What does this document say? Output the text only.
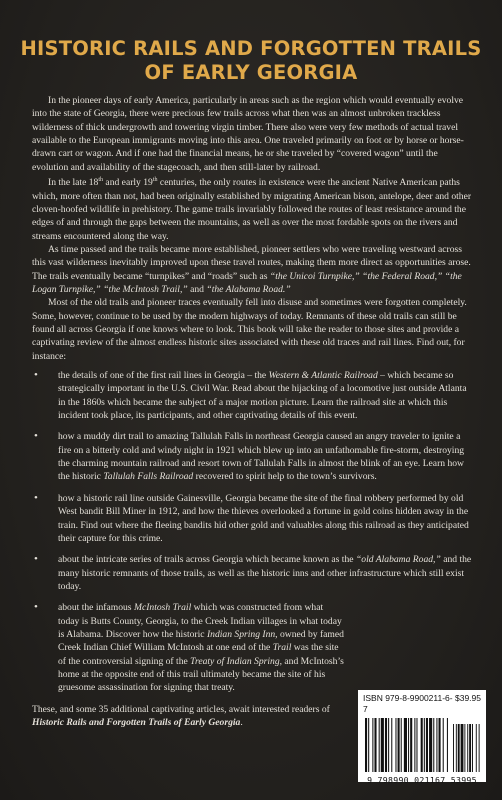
HISTORIC RAILS AND FORGOTTEN TRAILS
OF EARLY GEORGIA

In the pioneer days of early America, particularly in areas such as the region which would eventually evolve into the state of Georgia, there were precious few trails across what then was an almost unbroken trackless wilderness of thick undergrowth and towering virgin timber. There also were very few methods of actual travel available to the European immigrants moving into this area. One traveled primarily on foot or by horse or horse-drawn cart or wagon. And if one had the financial means, he or she traveled by “covered wagon” until the evolution and availability of the stagecoach, and then still-later by railroad.

In the late 18th and early 19th centuries, the only routes in existence were the ancient Native American paths which, more often than not, had been originally established by migrating American bison, antelope, deer and other cloven-hoofed wildlife in prehistory. The game trails invariably followed the routes of least resistance around the edges of and through the gaps between the mountains, as well as over the most fordable spots on the rivers and streams encountered along the way.

As time passed and the trails became more established, pioneer settlers who were traveling westward across this vast wilderness inevitably improved upon these travel routes, making them more direct as opportunities arose. The trails eventually became “turnpikes” and “roads” such as “the Unicoi Turnpike,” “the Federal Road,” “the Logan Turnpike,” “the McIntosh Trail,” and “the Alabama Road.”

Most of the old trails and pioneer traces eventually fell into disuse and sometimes were forgotten completely. Some, however, continue to be used by the modern highways of today. Remnants of these old trails can still be found all across Georgia if one knows where to look. This book will take the reader to those sites and provide a captivating review of the almost endless historic sites associated with these old traces and rail lines. Find out, for instance:

• the details of one of the first rail lines in Georgia – the Western & Atlantic Railroad – which became so strategically important in the U.S. Civil War. Read about the hijacking of a locomotive just outside Atlanta in the 1860s which became the subject of a major motion picture. Learn the railroad site at which this incident took place, its participants, and other captivating details of this event.
• how a muddy dirt trail to amazing Tallulah Falls in northeast Georgia caused an angry traveler to ignite a fire on a bitterly cold and windy night in 1921 which blew up into an unfathomable fire-storm, destroying the charming mountain railroad and resort town of Tallulah Falls in almost the blink of an eye. Learn how the historic Tallulah Falls Railroad recovered to spirit help to the town’s survivors.
• how a historic rail line outside Gainesville, Georgia became the site of the final robbery performed by old West bandit Bill Miner in 1912, and how the thieves overlooked a fortune in gold coins hidden away in the train. Find out where the fleeing bandits hid other gold and valuables along this railroad as they anticipated their capture for this crime.
• about the intricate series of trails across Georgia which became known as the “old Alabama Road,” and the many historic remnants of those trails, as well as the historic inns and other infrastructure which still exist today.
• about the infamous McIntosh Trail which was constructed from what today is Butts County, Georgia, to the Creek Indian villages in what today is Alabama. Discover how the historic Indian Spring Inn, owned by famed Creek Indian Chief William McIntosh at one end of the Trail was the site of the controversial signing of the Treaty of Indian Spring, and McIntosh’s home at the opposite end of this trail ultimately became the site of his gruesome assassination for signing that treaty.

These, and some 35 additional captivating articles, await interested readers of Historic Rails and Forgotten Trails of Early Georgia.

ISBN 979-8-9900211-6-7
$39.95
9 798990 021167 53995
